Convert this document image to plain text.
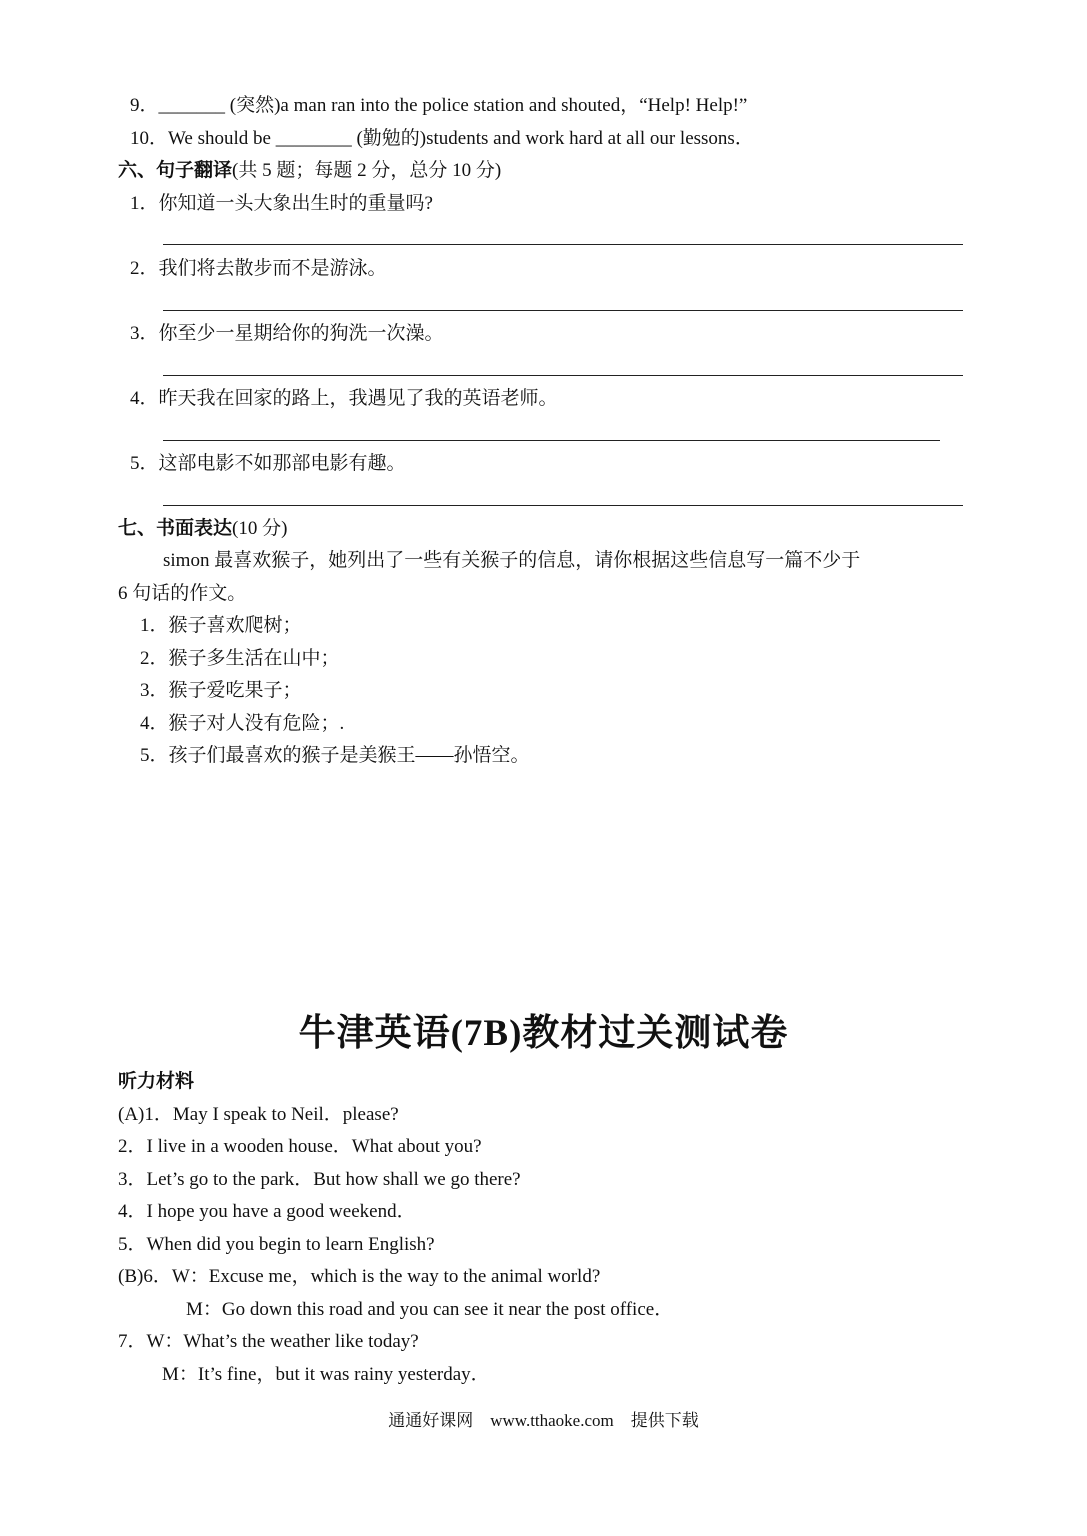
9．_______ (突然)a man ran into the police station and shouted，“Help! Help!”
10．We should be ________ (勤勉的)students and work hard at all our lessons．
六、句子翻译(共 5 题；每题 2 分，总分 10 分)
1．你知道一头大象出生时的重量吗?
2．我们将去散步而不是游泳。
3．你至少一星期给你的狗洗一次澡。
4．昨天我在回家的路上，我遇见了我的英语老师。
5．这部电影不如那部电影有趣。
七、书面表达(10 分)
simon 最喜欢猴子，她列出了一些有关猴子的信息，请你根据这些信息写一篇不少于
6 句话的作文。
1．猴子喜欢爬树；
2．猴子多生活在山中；
3．猴子爱吃果子；
4．猴子对人没有危险；.
5．孩子们最喜欢的猴子是美猴王——孙悟空。
牛津英语(7B)教材过关测试卷
听力材料
(A)1．May I speak to Neil．please?
2．I live in a wooden house．What about you?
3．Let’s go to the park．But how shall we go there?
4．I hope you have a good weekend．
5．When did you begin to learn English?
(B)6．W：Excuse me，which is the way to the animal world?
M：Go down this road and you can see it near the post office．
7．W：What’s the weather like today?
M：It’s fine，but it was rainy yesterday．
通通好课网　www.tthaoke.com　提供下载
